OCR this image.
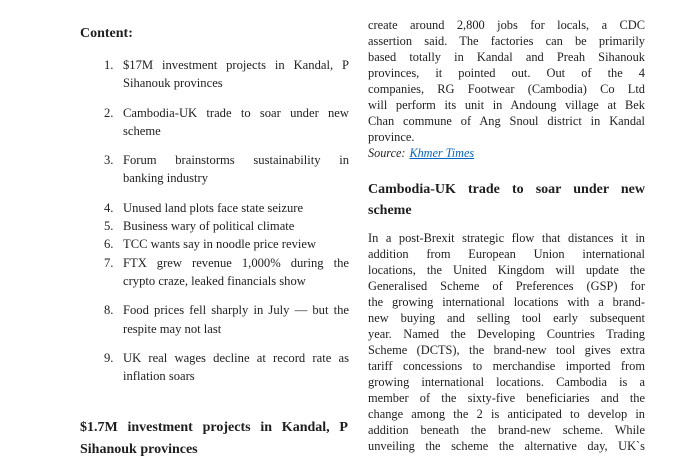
Content:
1. $17M investment projects in Kandal, P
Sihanouk provinces
2. Cambodia-UK trade to soar under new
scheme
3. Forum brainstorms sustainability in
banking industry
4. Unused land plots face state seizure
5. Business wary of political climate
6. TCC wants say in noodle price review
7. FTX grew revenue 1,000% during the
crypto craze, leaked financials show
8. Food prices fell sharply in July — but the
respite may not last
9. UK real wages decline at record rate as
inflation soars
$1.7M investment projects in Kandal, P
Sihanouk provinces
create around 2,800 jobs for locals, a CDC
assertion said. The factories can be primarily
based totally in Kandal and Preah Sihanouk
provinces, it pointed out. Out of the 4
companies, RG Footwear (Cambodia) Co Ltd
will perform its unit in Andoung village at Bek
Chan commune of Ang Snoul district in Kandal
province.
Source: Khmer Times
Cambodia-UK trade to soar under new
scheme
In a post-Brexit strategic flow that distances it in
addition from European Union international
locations, the United Kingdom will update the
Generalised Scheme of Preferences (GSP) for
the growing international locations with a brand-
new buying and selling tool early subsequent
year. Named the Developing Countries Trading
Scheme (DCTS), the brand-new tool gives extra
tariff concessions to merchandise imported from
growing international locations. Cambodia is a
member of the sixty-five beneficiaries and the
change among the 2 is anticipated to develop in
addition beneath the brand-new scheme. While
unveiling the scheme the alternative day, UK`s
